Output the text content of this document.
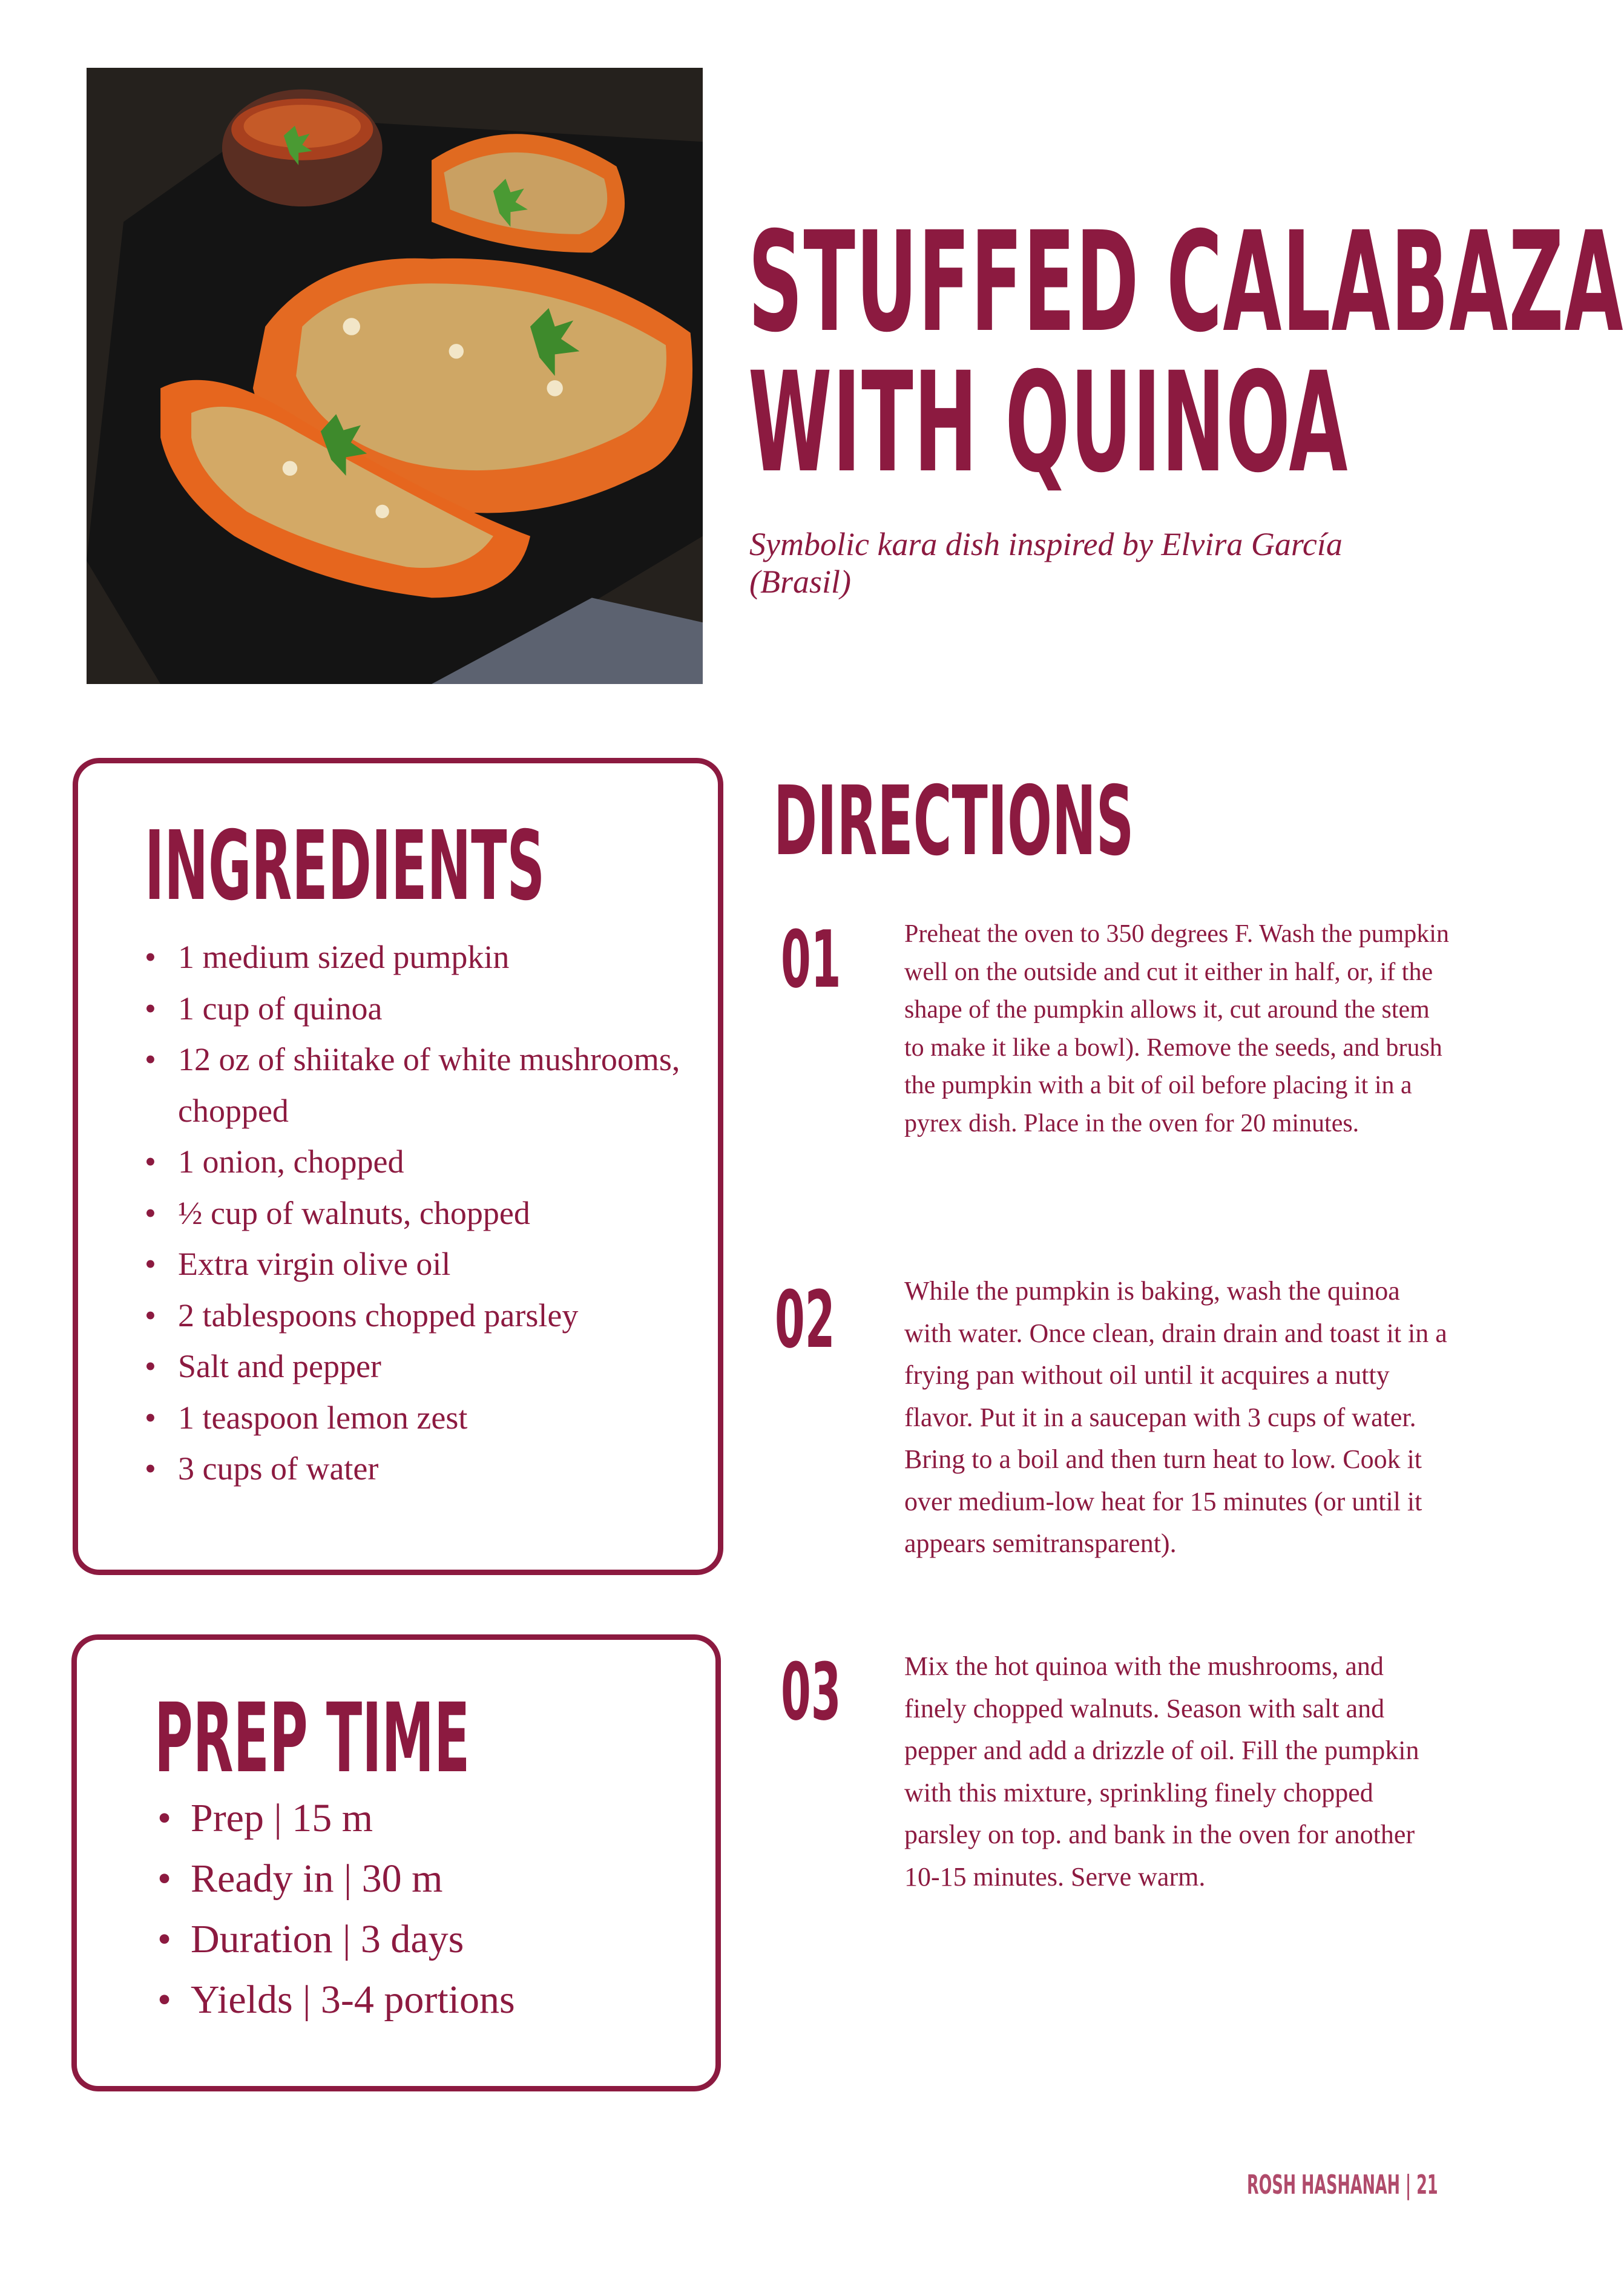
STUFFED CALABAZA
WITH QUINOA
Symbolic kara dish inspired by Elvira García (Brasil)
INGREDIENTS
• 1 medium sized pumpkin
• 1 cup of quinoa
• 12 oz of shiitake of white mushrooms, chopped
• 1 onion, chopped
• ½ cup of walnuts, chopped
• Extra virgin olive oil
• 2 tablespoons chopped parsley
• Salt and pepper
• 1 teaspoon lemon zest
• 3 cups of water
PREP TIME
• Prep | 15 m
• Ready in | 30 m
• Duration | 3 days
• Yields | 3-4 portions
DIRECTIONS
01 Preheat the oven to 350 degrees F. Wash the pumpkin well on the outside and cut it either in half, or, if the shape of the pumpkin allows it, cut around the stem to make it like a bowl). Remove the seeds, and brush the pumpkin with a bit of oil before placing it in a pyrex dish. Place in the oven for 20 minutes.

02	While the pumpkin is baking, wash the quinoa with water. Once clean, drain drain and toast it in a frying pan without oil until it acquires a nutty flavor. Put it in a saucepan with 3 cups of water. Bring to a boil and then turn heat to low. Cook it over medium-low heat for 15 minutes (or until it appears semitransparent).

03 Mix the hot quinoa with the mushrooms, and finely chopped walnuts. Season with salt and pepper and add a drizzle of oil. Fill the pumpkin with this mixture, sprinkling finely chopped parsley on top. and bank in the oven for another 10-15 minutes. Serve warm.

ROSH HASHANAH | 21
